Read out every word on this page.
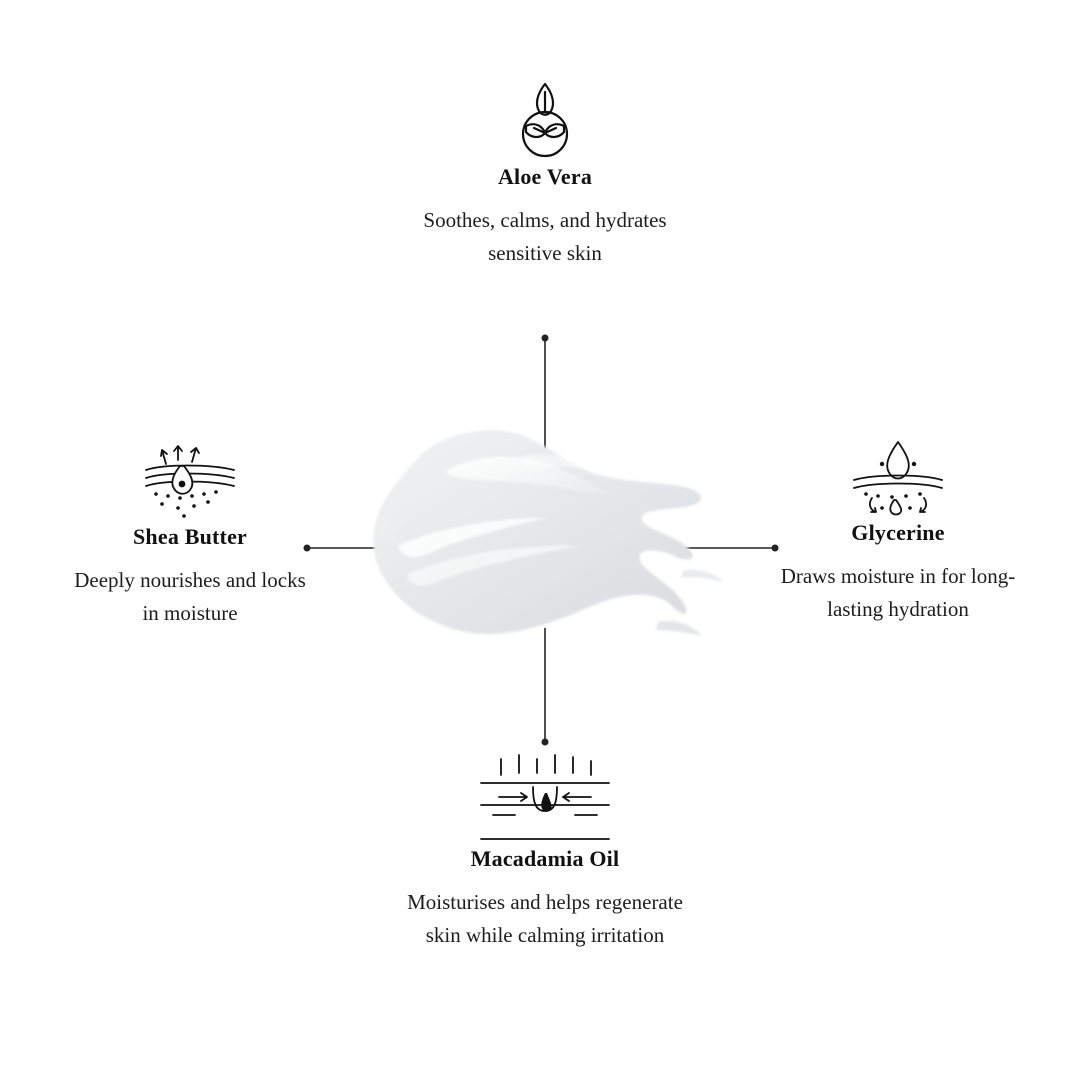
Aloe Vera

Soothes, calms, and hydrates
sensitive skin

Shea Butter

Deeply nourishes and locks
in moisture

Glycerine

Draws moisture in for long-
lasting hydration

Macadamia Oil

Moisturises and helps regenerate
skin while calming irritation
